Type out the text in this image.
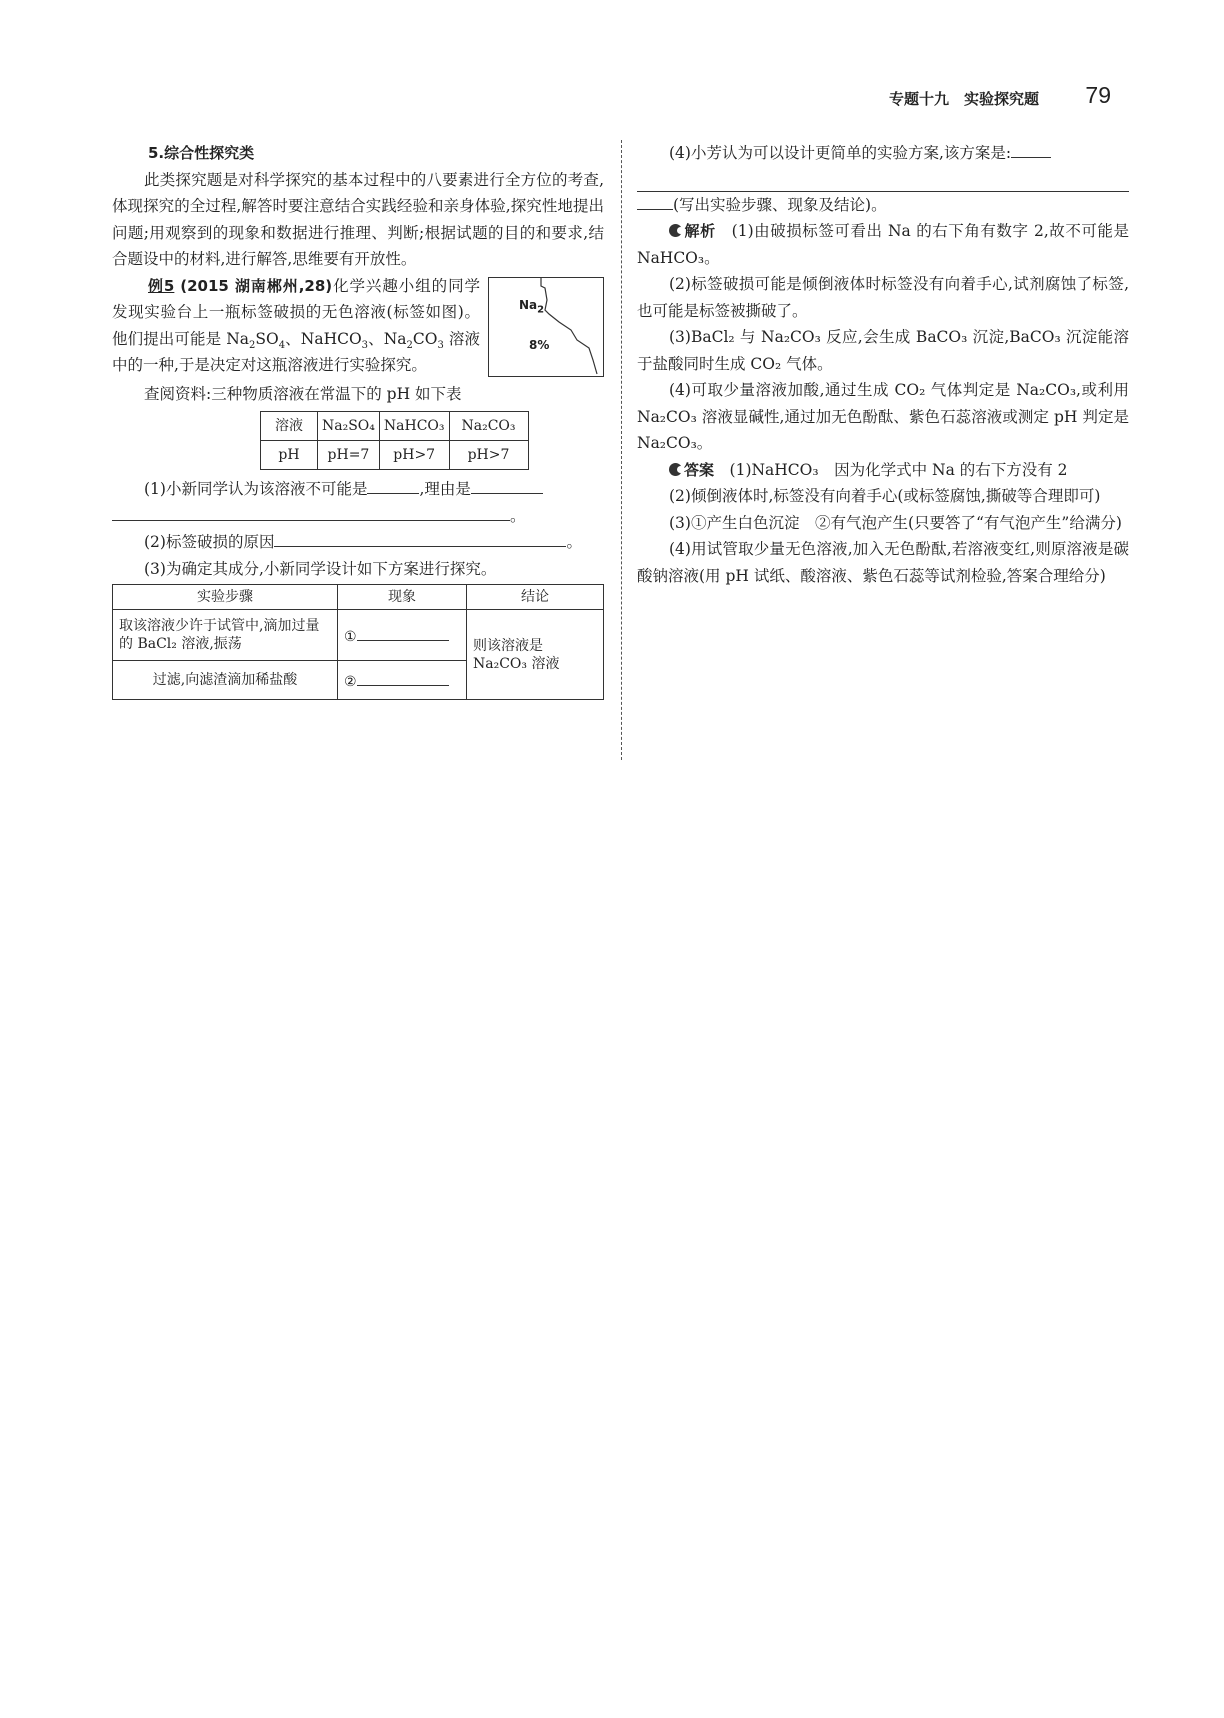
专题十九　实验探究题 79

5.综合性探究类

此类探究题是对科学探究的基本过程中的八要素进行全方位的考查,体现探究的全过程,解答时要注意结合实践经验和亲身体验,探究性地提出问题;用观察到的现象和数据进行推理、判断;根据试题的目的和要求,结合题设中的材料,进行解答,思维要有开放性。

$Na_2$
8%

例5 (2015 湖南郴州,28)化学兴趣小组的同学发现实验台上一瓶标签破损的无色溶液(标签如图)。他们提出可能是 $Na_2SO_4$、NaHCO$_3$、$Na_2CO_3$ 溶液中的一种,于是决定对这瓶溶液进行实验探究。

查阅资料:三种物质溶液在常温下的 pH 如下表

溶液	Na₂SO₄	NaHCO₃	Na₂CO₃
pH	pH=7	pH>7	pH>7

(1)小新同学认为该溶液不可能是	,理由是

。

(2)标签破损的原因	。

(3)为确定其成分,小新同学设计如下方案进行探究。

实验步骤	现象	结论
取该溶液少许于试管中,滴加过量的 BaCl₂ 溶液,振荡	①	则该溶液是 Na₂CO₃ 溶液
过滤,向滤渣滴加稀盐酸	②	

(4)小芳认为可以设计更简单的实验方案,该方案是:

(写出实验步骤、现象及结论)。

解析　 (1)由破损标签可看出 Na 的右下角有数字 2,故不可能是 NaHCO₃。

(2)标签破损可能是倾倒液体时标签没有向着手心,试剂腐蚀了标签,也可能是标签被撕破了。

(3)BaCl₂ 与 Na₂CO₃ 反应,会生成 BaCO₃ 沉淀,BaCO₃ 沉淀能溶于盐酸同时生成 CO₂ 气体。

(4)可取少量溶液加酸,通过生成 CO₂ 气体判定是 Na₂CO₃,或利用 Na₂CO₃ 溶液显碱性,通过加无色酚酞、紫色石蕊溶液或测定 pH 判定是 Na₂CO₃。

答案　 (1)NaHCO₃　因为化学式中 Na 的右下方没有 2

(2)倾倒液体时,标签没有向着手心(或标签腐蚀,撕破等合理即可)

(3)①产生白色沉淀　②有气泡产生(只要答了“有气泡产生”给满分)

(4)用试管取少量无色溶液,加入无色酚酞,若溶液变红,则原溶液是碳酸钠溶液(用 pH 试纸、酸溶液、紫色石蕊等试剂检验,答案合理给分)
